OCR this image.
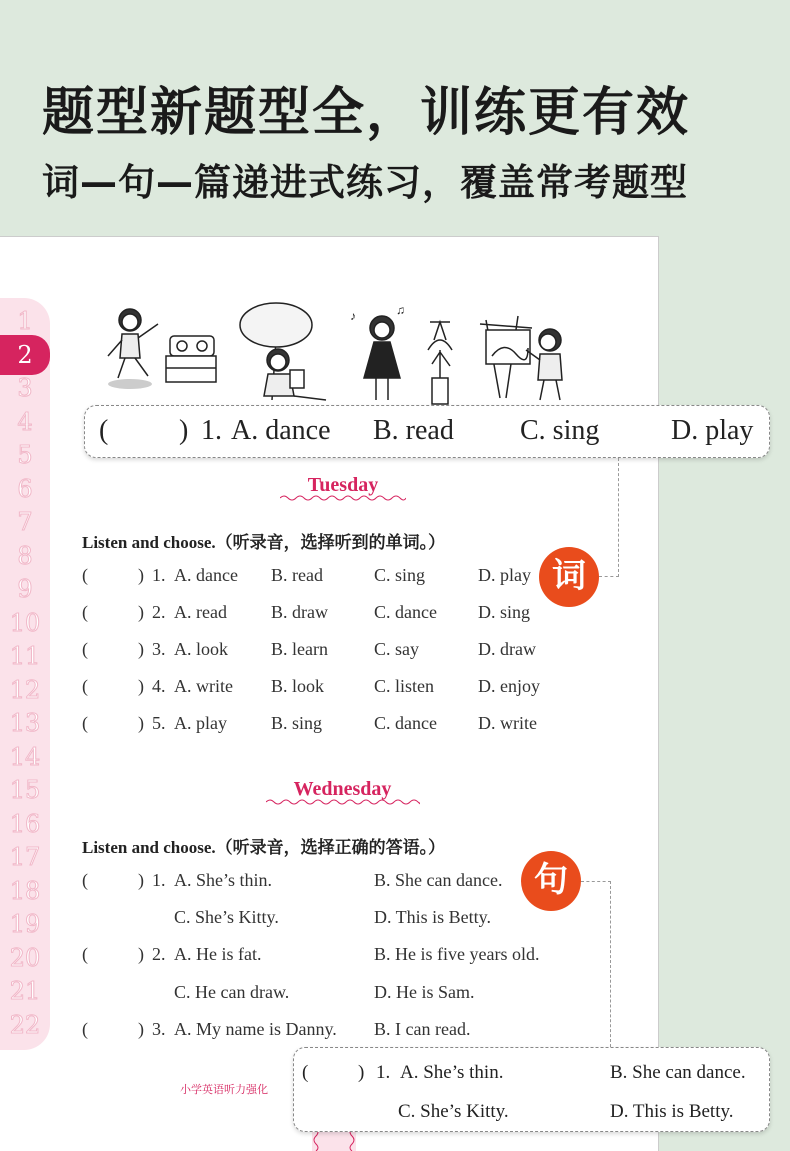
题型新题型全，训练更有效
词—句—篇递进式练习，覆盖常考题型
1
2
3
4
5
6
7
8
9
10
11
12
13
14
15
16
17
18
19
20
21
22
♪	♫
(	) 1. A. dance B. read C. sing	D. play
Tuesday
Listen and choose.（听录音，选择听到的单词。）
(	) 1. A. dance B. read	C. sing	D. play
(	) 2. A. read B. draw	C. dance D. sing
(	) 3. A. look B. learn	C. say	D. draw
(	) 4. A. write B. look	C. listen D. enjoy
(	) 5. A. play B. sing	C. dance D. write
词
Wednesday
Listen and choose.（听录音，选择正确的答语。）
(	) 1. A. She’s thin.	B. She can dance.
C. She’s Kitty.	D. This is Betty.
(	) 2. A. He is fat.	B. He is five years old.
C. He can draw.	D. He is Sam.
(	) 3. A. My name is Danny. B. I can read.
句
小学英语听力强化
(	) 1. A. She’s thin.	B. She can dance.
C. She’s Kitty.	D. This is Betty.
